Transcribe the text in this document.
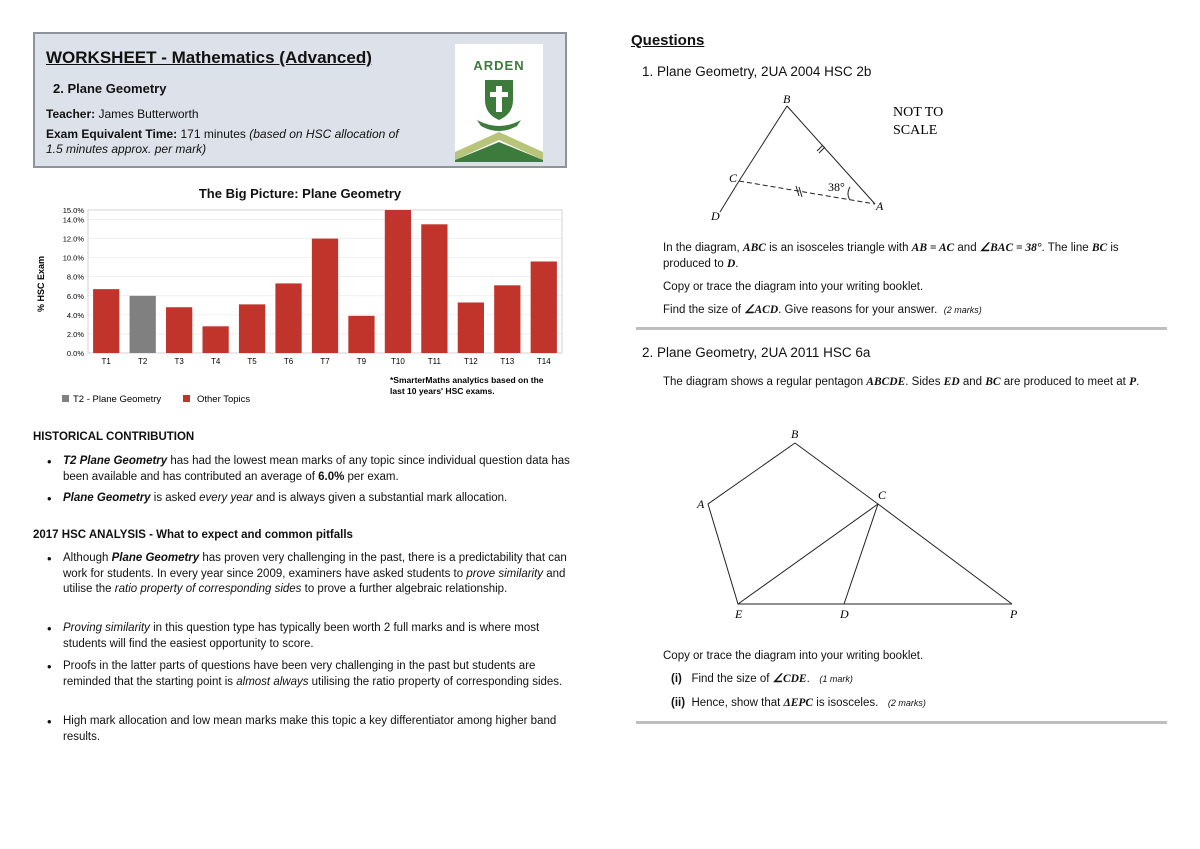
WORKSHEET - Mathematics (Advanced)
2. Plane Geometry
Teacher: James Butterworth
Exam Equivalent Time: 171 minutes (based on HSC allocation of 1.5 minutes approx. per mark)
ARDEN
The Big Picture: Plane Geometry
% HSC Exam
0.0%
2.0%
4.0%
6.0%
8.0%
10.0%
12.0%
14.0%
15.0%
T1	T2	T3	T4	T5	T6	T7	T9	T10	T11	T12	T13	T14
T2 - Plane Geometry	Other Topics
*SmarterMaths analytics based on the
last 10 years' HSC exams.
HISTORICAL CONTRIBUTION
• T2 Plane Geometry has had the lowest mean marks of any topic since individual question data has been available and has contributed an average of 6.0% per exam.
• Plane Geometry is asked every year and is always given a substantial mark allocation.
2017 HSC ANALYSIS - What to expect and common pitfalls
• Although Plane Geometry has proven very challenging in the past, there is a predictability that can work for students. In every year since 2009, examiners have asked students to prove similarity and utilise the ratio property of corresponding sides to prove a further algebraic relationship.
• Proving similarity in this question type has typically been worth 2 full marks and is where most students will find the easiest opportunity to score.
• Proofs in the latter parts of questions have been very challenging in the past but students are reminded that the starting point is almost always utilising the ratio property of corresponding sides.
• High mark allocation and low mean marks make this topic a key differentiator among higher band results.
Questions
1. Plane Geometry, 2UA 2004 HSC 2b
B
C
D
A
38°
NOT TO
SCALE
In the diagram, ABC is an isosceles triangle with AB = AC and ∠BAC = 38°. The line BC is produced to D.
Copy or trace the diagram into your writing booklet.
Find the size of ∠ACD. Give reasons for your answer. (2 marks)
2. Plane Geometry, 2UA 2011 HSC 6a
The diagram shows a regular pentagon ABCDE. Sides ED and BC are produced to meet at P.
B
C
A
E	D	P
Copy or trace the diagram into your writing booklet.
(i) Find the size of ∠CDE. (1 mark)
(ii) Hence, show that ΔEPC is isosceles. (2 marks)
